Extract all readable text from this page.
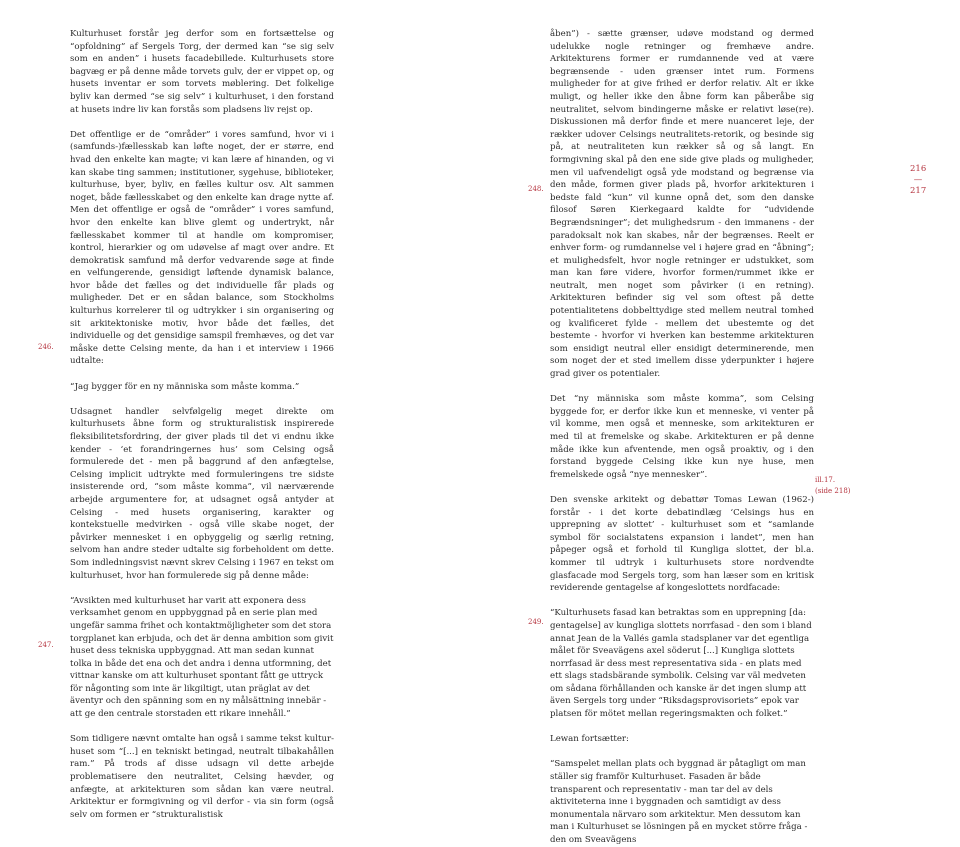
Kulturhuset forstår jeg derfor som en fortsættelse og “opfoldning” af Sergels Torg, der dermed kan “se sig selv som en anden” i husets facadebillede. Kulturhusets store bagvæg er på denne måde torvets gulv, der er vippet op, og husets inventar er som torvets møblering. Det folkelige byliv kan dermed “se sig selv” i kulturhuset, i den forstand at husets indre liv kan forstås som pladsens liv rejst op.

Det offentlige er de “områder” i vores samfund, hvor vi i (samfunds-)fællesskab kan løfte noget, der er større, end hvad den enkelte kan magte; vi kan lære af hinanden, og vi kan skabe ting sammen; institutioner, sygehuse, biblioteker, kulturhuse, byer, byliv, en fælles kultur osv. Alt sammen noget, både fællesskabet og den enkelte kan drage nytte af. Men det offentlige er også de “områder” i vores samfund, hvor den enkelte kan blive glemt og undertrykt, når fællesskabet kommer til at handle om kompromiser, kontrol, hierarkier og om udøvelse af magt over andre. Et demokratisk samfund må derfor vedvarende søge at finde en velfungerende, gensidigt løftende dynamisk balance, hvor både det fælles og det individuelle får plads og muligheder. Det er en sådan balance, som Stockholms kulturhus korrelerer til og udtrykker i sin organisering og sit arkitektoniske motiv, hvor både det fælles, det individuelle og det gensidige samspil fremhæves, og det var måske dette Celsing mente, da han i et interview i 1966 udtalte:

“Jag bygger för en ny människa som måste komma.”

Udsagnet handler selvfølgelig meget direkte om kulturhusets åbne form og strukturalistisk inspirerede fleksibilitetsfordring, der giver plads til det vi endnu ikke kender - ‘et forandringernes hus’ som Celsing også formulerede det - men på baggrund af den anfægtelse, Celsing implicit udtrykte med formuleringens tre sidste insisterende ord, “som måste komma”, vil nærværende arbejde argumentere for, at udsagnet også antyder at Celsing - med husets organisering, karakter og kontekstuelle medvirken - også ville skabe noget, der påvirker mennesket i en opbyggelig og særlig retning, selvom han andre steder udtalte sig forbeholdent om dette. Som indledningsvist nævnt skrev Celsing i 1967 en tekst om kulturhuset, hvor han formulerede sig på denne måde:

“Avsikten med kulturhuset har varit att exponera dess verksamhet genom en uppbyggnad på en serie plan med ungefär samma frihet och kontaktmöjligheter som det stora torgplanet kan erbjuda, och det är denna ambition som givit huset dess tekniska uppbyggnad. Att man sedan kunnat tolka in både det ena och det andra i denna utformning, det vittnar kanske om att kulturhuset spontant fått ge uttryck för någonting som inte är likgiltigt, utan präglat av det äventyr och den spänning som en ny målsättning innebär - att ge den centrale storstaden ett rikare innehåll.”

Som tidligere nævnt omtalte han også i samme tekst kulturhuset som “[...] en tekniskt betingad, neutralt tilbakahållen ram.” På trods af disse udsagn vil dette arbejde problematisere den neutralitet, Celsing hævder, og anfægte, at arkitekturen som sådan kan være neutral. Arkitektur er formgivning og vil derfor - via sin form (også selv om formen er “strukturalistisk

åben”) - sætte grænser, udøve modstand og dermed udelukke nogle retninger og fremhæve andre. Arkitekturens former er rumdannende ved at være begrænsende - uden grænser intet rum. Formens muligheder for at give frihed er derfor relativ. Alt er ikke muligt, og heller ikke den åbne form kan påberåbe sig neutralitet, selvom bindingerne måske er relativt løse(re). Diskussionen må derfor finde et mere nuanceret leje, der rækker udover Celsings neutralitets-retorik, og besinde sig på, at neutraliteten kun rækker så og så langt. En formgivning skal på den ene side give plads og muligheder, men vil uafvendeligt også yde modstand og begrænse via den måde, formen giver plads på, hvorfor arkitekturen i bedste fald “kun” vil kunne opnå det, som den danske filosof Søren Kierkegaard kaldte for “udvidende Begrændsninger”; det mulighedsrum - den immanens - der paradoksalt nok kan skabes, når der begrænses. Reelt er enhver form- og rumdannelse vel i højere grad en “åbning”; et mulighedsfelt, hvor nogle retninger er udstukket, som man kan føre videre, hvorfor formen/rummet ikke er neutralt, men noget som påvirker (i en retning). Arkitekturen befinder sig vel som oftest på dette potentialitetens dobbelttydige sted mellem neutral tomhed og kvalificeret fylde - mellem det ubestemte og det bestemte - hvorfor vi hverken kan bestemme arkitekturen som ensidigt neutral eller ensidigt determinerende, men som noget der et sted imellem disse yderpunkter i højere grad giver os potentialer.

Det “ny människa som måste komma”, som Celsing byggede for, er derfor ikke kun et menneske, vi venter på vil komme, men også et menneske, som arkitekturen er med til at fremelske og skabe. Arkitekturen er på denne måde ikke kun afventende, men også proaktiv, og i den forstand byggede Celsing ikke kun nye huse, men fremelskede også “nye mennesker”.

Den svenske arkitekt og debattør Tomas Lewan (1962-) forstår - i det korte debatindlæg ‘Celsings hus en upprepning av slottet’ - kulturhuset som et “samlande symbol för socialstatens expansion i landet”, men han påpeger også et forhold til Kungliga slottet, der bl.a. kommer til udtryk i kulturhusets store nordvendte glasfacade mod Sergels torg, som han læser som en kritisk reviderende gentagelse af kongeslottets nordfacade:

“Kulturhusets fasad kan betraktas som en upprepning [da: gentagelse] av kungliga slottets norrfasad - den som i bland annat Jean de la Vallés gamla stadsplaner var det egentliga målet för Sveavägens axel söderut [...] Kungliga slottets norrfasad är dess mest representativa sida - en plats med ett slags stadsbärande symbolik. Celsing var väl medveten om sådana förhållanden och kanske är det ingen slump att även Sergels torg under “Riksdagsprovisoriets” epok var platsen för mötet mellan regeringsmakten och folket.”

Lewan fortsætter:

“Samspelet mellan plats och byggnad är påtagligt om man ställer sig framför Kulturhuset. Fasaden är både transparent och representativ - man tar del av dels aktiviteterna inne i byggnaden och samtidigt av dess monumentala närvaro som arkitektur. Men dessutom kan man i Kulturhuset se lösningen på en mycket större fråga - den om Sveavägens

246.
247.
248.
249.
ill.17.
(side 218)
216
—
217
